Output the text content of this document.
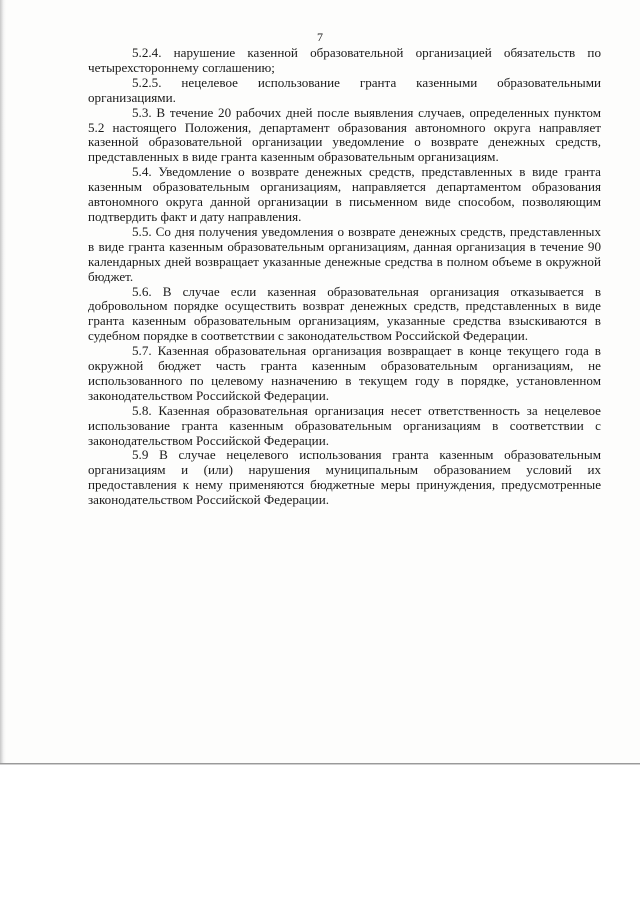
7

5.2.4. нарушение казенной образовательной организацией обязательств по четырехстороннему соглашению;

5.2.5. нецелевое использование гранта казенными образовательными организациями.

5.3. В течение 20 рабочих дней после выявления случаев, определенных пунктом 5.2 настоящего Положения, департамент образования автономного округа направляет казенной образовательной организации уведомление о возврате денежных средств, представленных в виде гранта казенным образовательным организациям.

5.4. Уведомление о возврате денежных средств, представленных в виде гранта казенным образовательным организациям, направляется департаментом образования автономного округа данной организации в письменном виде способом, позволяющим подтвердить факт и дату направления.

5.5. Со дня получения уведомления о возврате денежных средств, представленных в виде гранта казенным образовательным организациям, данная организация в течение 90 календарных дней возвращает указанные денежные средства в полном объеме в окружной бюджет.

5.6. В случае если казенная образовательная организация отказывается в добровольном порядке осуществить возврат денежных средств, представленных в виде гранта казенным образовательным организациям, указанные средства взыскиваются в судебном порядке в соответствии с законодательством Российской Федерации.

5.7. Казенная образовательная организация возвращает в конце текущего года в окружной бюджет часть гранта казенным образовательным организациям, не использованного по целевому назначению в текущем году в порядке, установленном законодательством Российской Федерации.

5.8. Казенная образовательная организация несет ответственность за нецелевое использование гранта казенным образовательным организациям в соответствии с законодательством Российской Федерации.

5.9 В случае нецелевого использования гранта казенным образовательным организациям и (или) нарушения муниципальным образованием условий их предоставления к нему применяются бюджетные меры принуждения, предусмотренные законодательством Российской Федерации.
